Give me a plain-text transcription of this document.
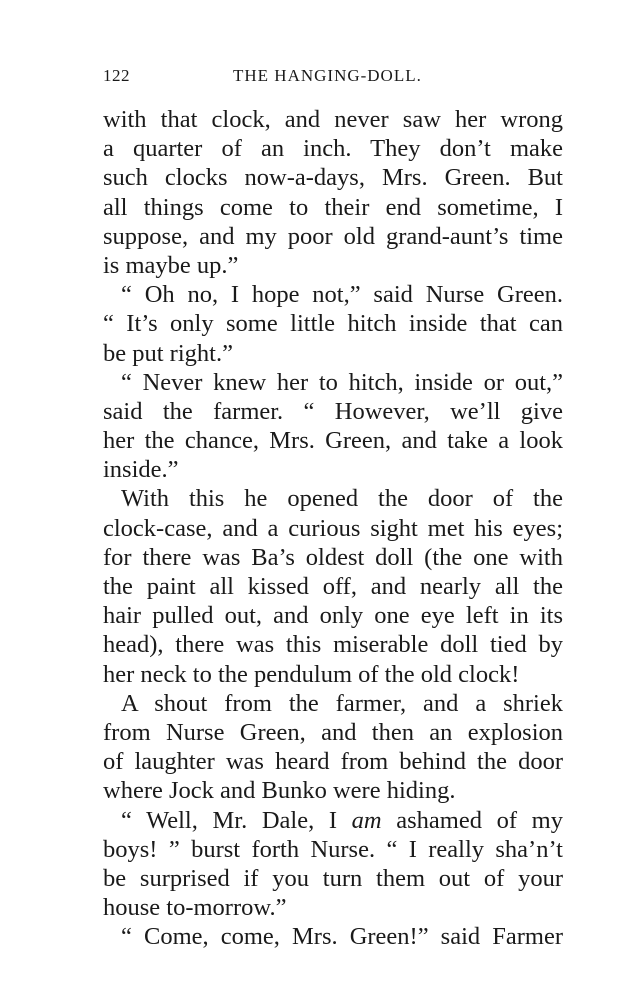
122	THE HANGING-DOLL.
with that clock, and never saw her wrong
a quarter of an inch. They don’t make
such clocks now-a-days, Mrs. Green. But
all things come to their end sometime, I
suppose, and my poor old grand-aunt’s time
is maybe up.”
“ Oh no, I hope not,” said Nurse Green.
“ It’s only some little hitch inside that can
be put right.”
“ Never knew her to hitch, inside or out,”
said the farmer. “ However, we’ll give
her the chance, Mrs. Green, and take a look
inside.”
With this he opened the door of the
clock-case, and a curious sight met his eyes;
for there was Ba’s oldest doll (the one with
the paint all kissed off, and nearly all the
hair pulled out, and only one eye left in its
head), there was this miserable doll tied by
her neck to the pendulum of the old clock!
A shout from the farmer, and a shriek
from Nurse Green, and then an explosion
of laughter was heard from behind the door
where Jock and Bunko were hiding.
“ Well, Mr. Dale, I am ashamed of my
boys! ” burst forth Nurse. “ I really sha’n’t
be surprised if you turn them out of your
house to-morrow.”
“ Come, come, Mrs. Green!” said Farmer
